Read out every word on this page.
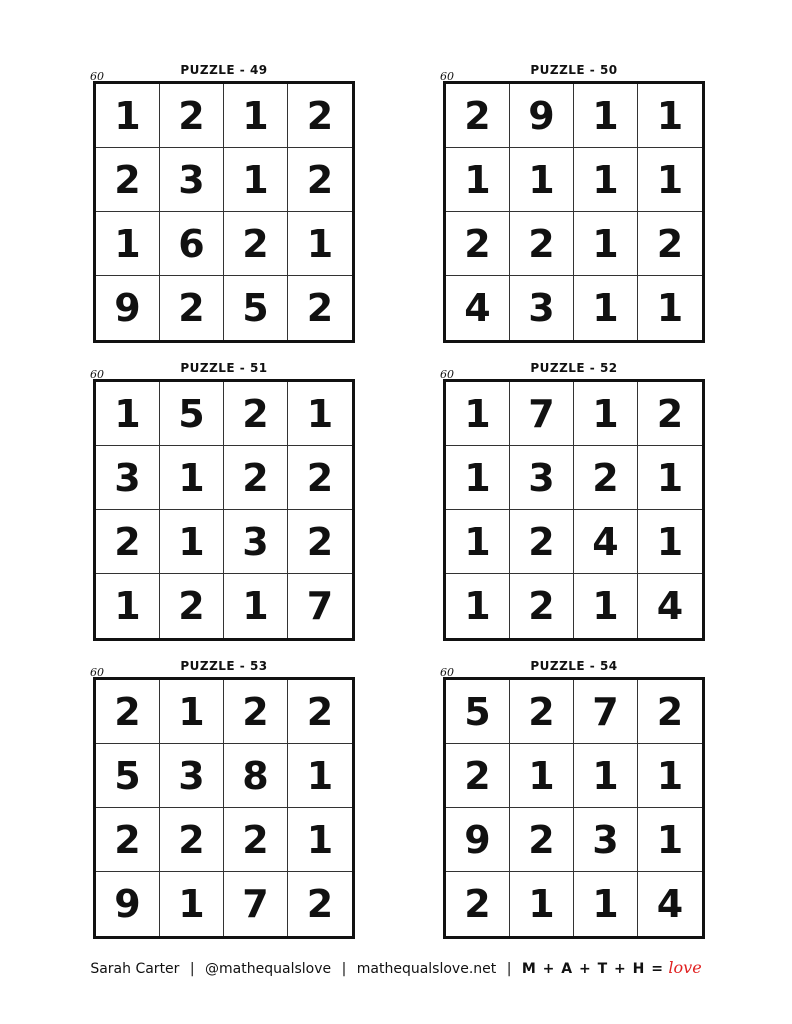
PUZZLE - 49
60
1 2 1	2
2 3 1	2
1 6 2	1
9 2 5	2
PUZZLE - 50
60
2 9 1	1
1 1 1	1
2 2 1	2
4 3 1	1
PUZZLE - 51
60
1 5 2	1
3 1 2	2
2 1 3	2
1 2 1	7
PUZZLE - 52
60
1 7 1	2
1 3 2	1
1 2 4	1
1 2 1	4
PUZZLE - 53
60
2 1 2	2
5 3 8	1
2 2 2	1
9 1 7	2
PUZZLE - 54
60
5 2 7	2
2 1 1	1
9 2 3	1
2 1 1	4
Sarah Carter | @mathequalslove | mathequalslove.net | M + A + T + H = love
